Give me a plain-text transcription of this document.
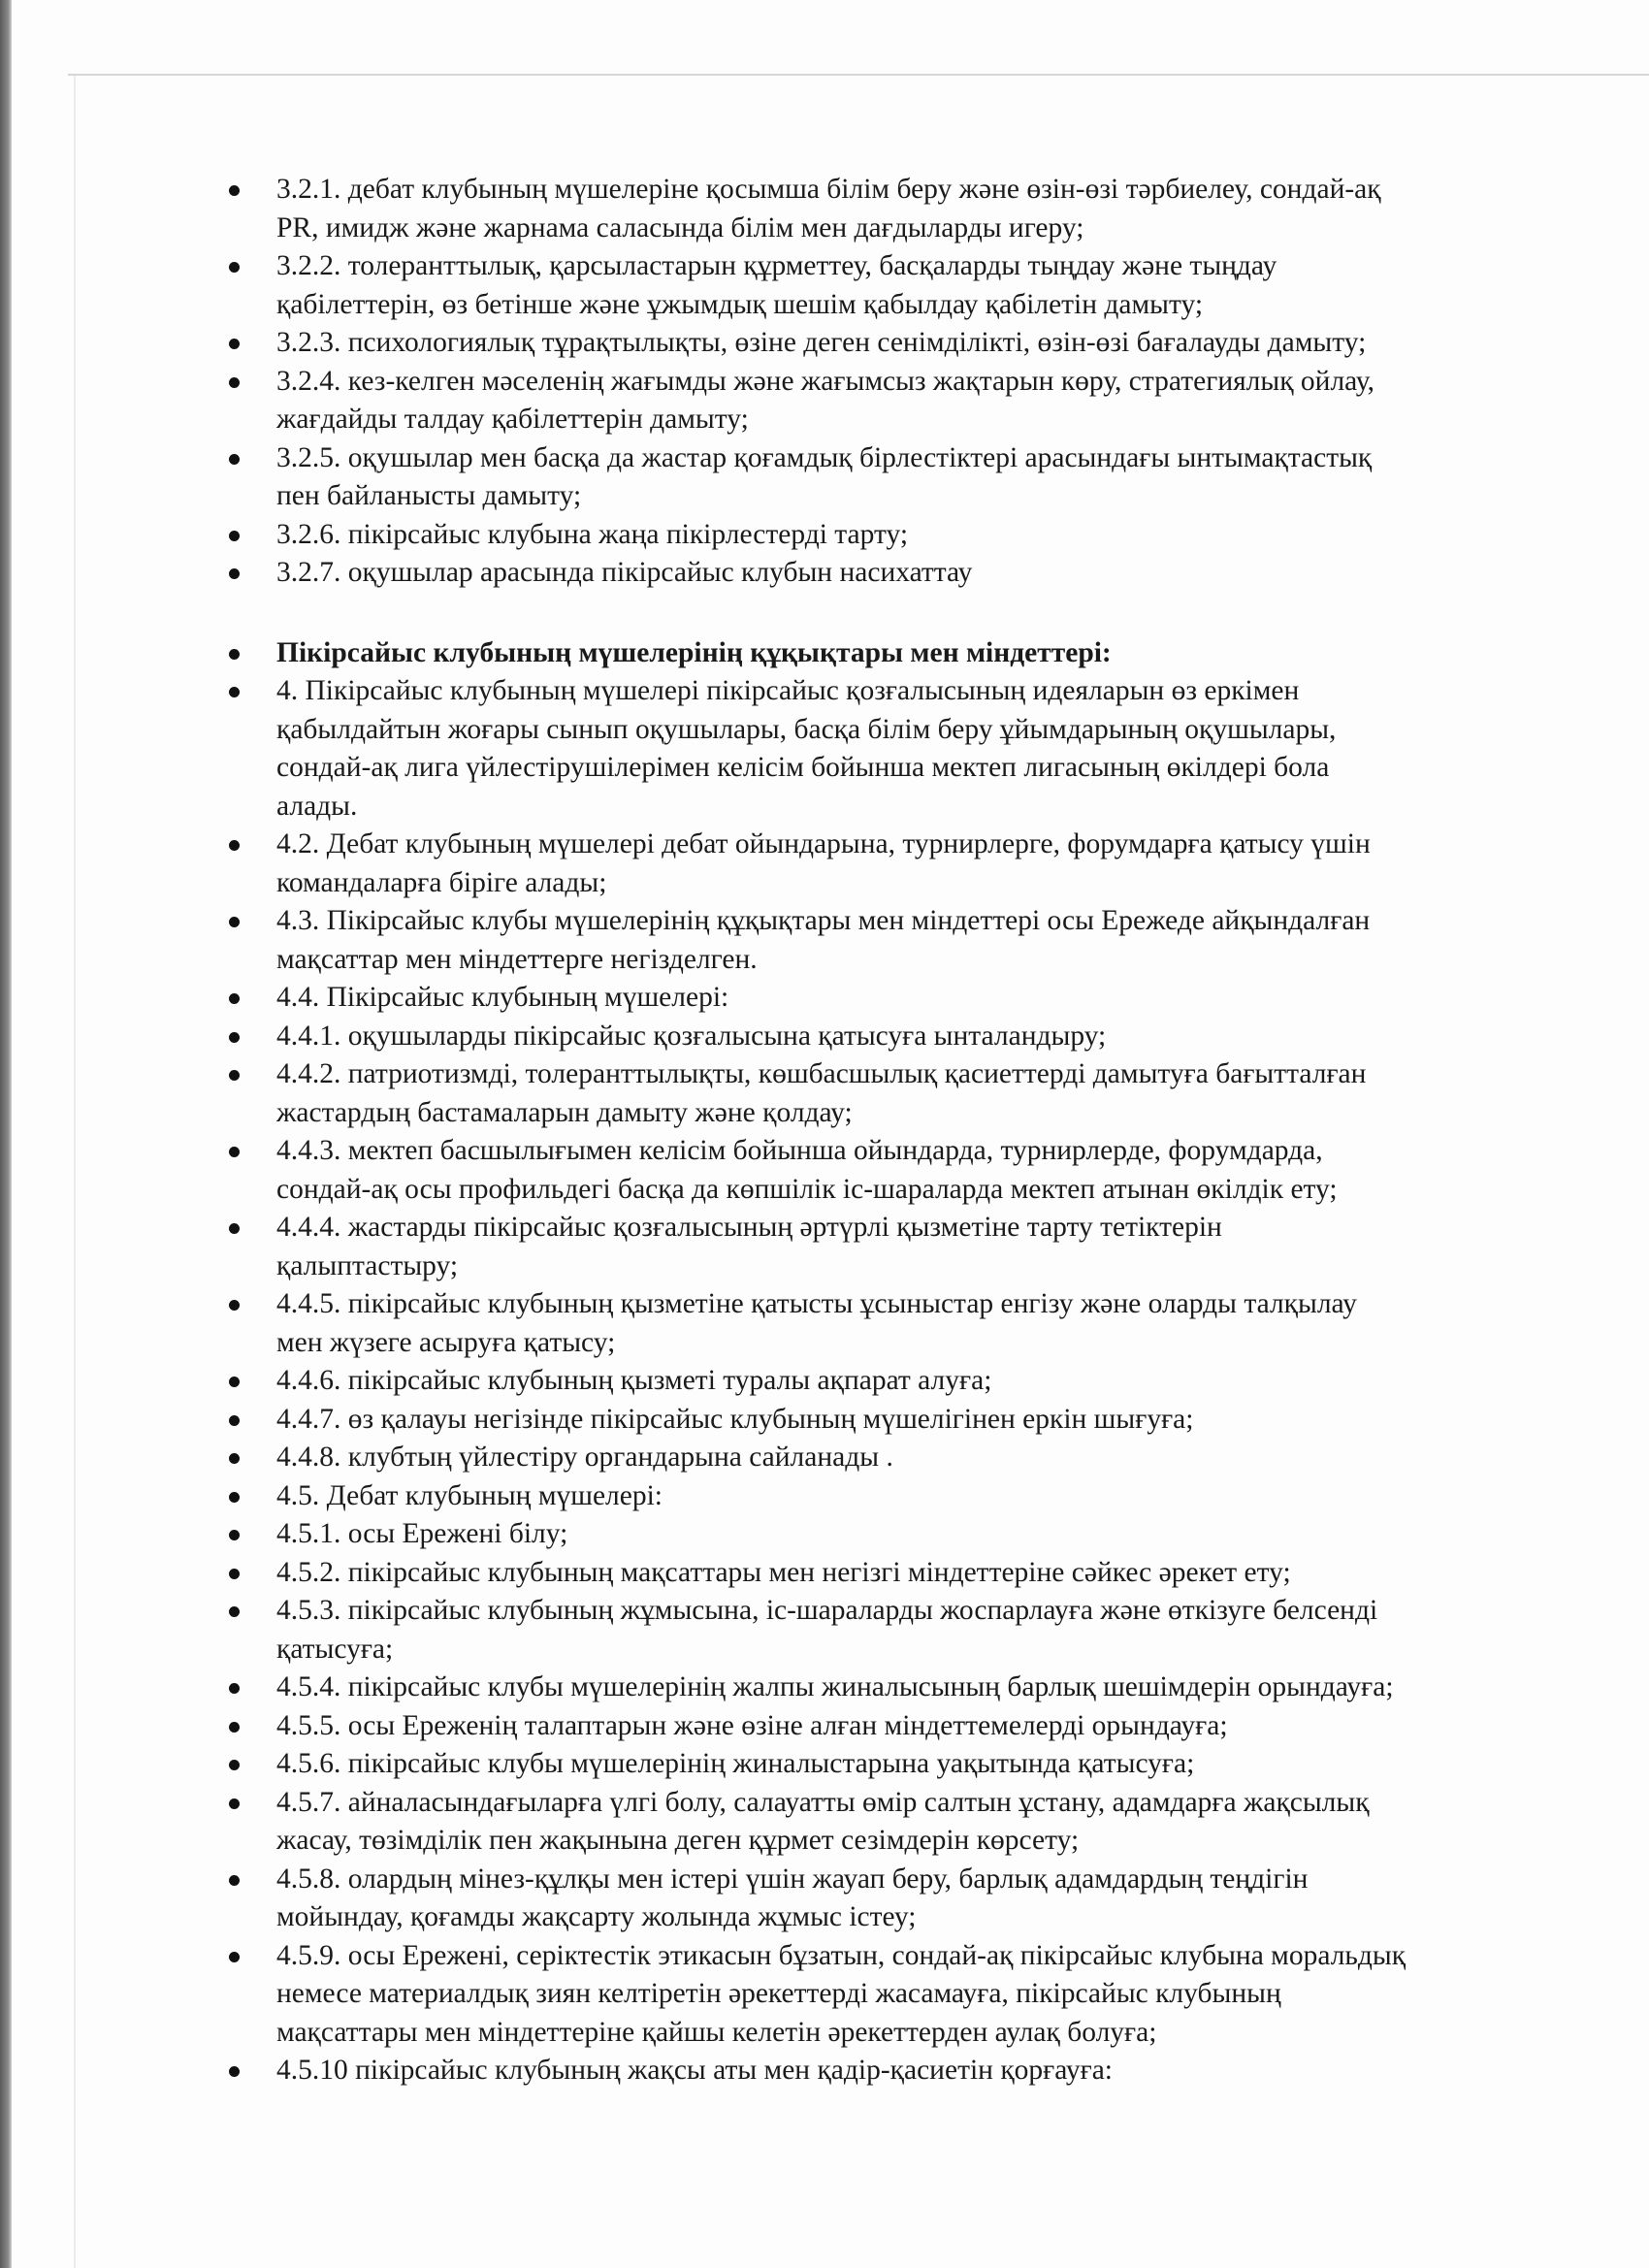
3.2.1. дебат клубының мүшелеріне қосымша білім беру және өзін-өзі тәрбиелеу, сондай-ақ
PR, имидж және жарнама саласында білім мен дағдыларды игеру;
3.2.2. толеранттылық, қарсыластарын құрметтеу, басқаларды тыңдау және тыңдау
қабілеттерін, өз бетінше және ұжымдық шешім қабылдау қабілетін дамыту;
3.2.3. психологиялық тұрақтылықты, өзіне деген сенімділікті, өзін-өзі бағалауды дамыту;
3.2.4. кез-келген мәселенің жағымды және жағымсыз жақтарын көру, стратегиялық ойлау,
жағдайды талдау қабілеттерін дамыту;
3.2.5. оқушылар мен басқа да жастар қоғамдық бірлестіктері арасындағы ынтымақтастық
пен байланысты дамыту;
3.2.6. пікірсайыс клубына жаңа пікірлестерді тарту;
3.2.7. оқушылар арасында пікірсайыс клубын насихаттау
Пікірсайыс клубының мүшелерінің құқықтары мен міндеттері:
4. Пікірсайыс клубының мүшелері пікірсайыс қозғалысының идеяларын өз еркімен
қабылдайтын жоғары сынып оқушылары, басқа білім беру ұйымдарының оқушылары,
сондай-ақ лига үйлестірушілерімен келісім бойынша мектеп лигасының өкілдері бола
алады.
4.2. Дебат клубының мүшелері дебат ойындарына, турнирлерге, форумдарға қатысу үшін
командаларға біріге алады;
4.3. Пікірсайыс клубы мүшелерінің құқықтары мен міндеттері осы Ережеде айқындалған
мақсаттар мен міндеттерге негізделген.
4.4. Пікірсайыс клубының мүшелері:
4.4.1. оқушыларды пікірсайыс қозғалысына қатысуға ынталандыру;
4.4.2. патриотизмді, толеранттылықты, көшбасшылық қасиеттерді дамытуға бағытталған
жастардың бастамаларын дамыту және қолдау;
4.4.3. мектеп басшылығымен келісім бойынша ойындарда, турнирлерде, форумдарда,
сондай-ақ осы профильдегі басқа да көпшілік іс-шараларда мектеп атынан өкілдік ету;
4.4.4. жастарды пікірсайыс қозғалысының әртүрлі қызметіне тарту тетіктерін
қалыптастыру;
4.4.5. пікірсайыс клубының қызметіне қатысты ұсыныстар енгізу және оларды талқылау
мен жүзеге асыруға қатысу;
4.4.6. пікірсайыс клубының қызметі туралы ақпарат алуға;
4.4.7. өз қалауы негізінде пікірсайыс клубының мүшелігінен еркін шығуға;
4.4.8. клубтың үйлестіру органдарына сайланады .
4.5. Дебат клубының мүшелері:
4.5.1. осы Ережені білу;
4.5.2. пікірсайыс клубының мақсаттары мен негізгі міндеттеріне сәйкес әрекет ету;
4.5.3. пікірсайыс клубының жұмысына, іс-шараларды жоспарлауға және өткізуге белсенді
қатысуға;
4.5.4. пікірсайыс клубы мүшелерінің жалпы жиналысының барлық шешімдерін орындауға;
4.5.5. осы Ереженің талаптарын және өзіне алған міндеттемелерді орындауға;
4.5.6. пікірсайыс клубы мүшелерінің жиналыстарына уақытында қатысуға;
4.5.7. айналасындағыларға үлгі болу, салауатты өмір салтын ұстану, адамдарға жақсылық
жасау, төзімділік пен жақынына деген құрмет сезімдерін көрсету;
4.5.8. олардың мінез-құлқы мен істері үшін жауап беру, барлық адамдардың теңдігін
мойындау, қоғамды жақсарту жолында жұмыс істеу;
4.5.9. осы Ережені, серіктестік этикасын бұзатын, сондай-ақ пікірсайыс клубына моральдық
немесе материалдық зиян келтіретін әрекеттерді жасамауға, пікірсайыс клубының
мақсаттары мен міндеттеріне қайшы келетін әрекеттерден аулақ болуға;
4.5.10 пікірсайыс клубының жақсы аты мен қадір-қасиетін қорғауға:
